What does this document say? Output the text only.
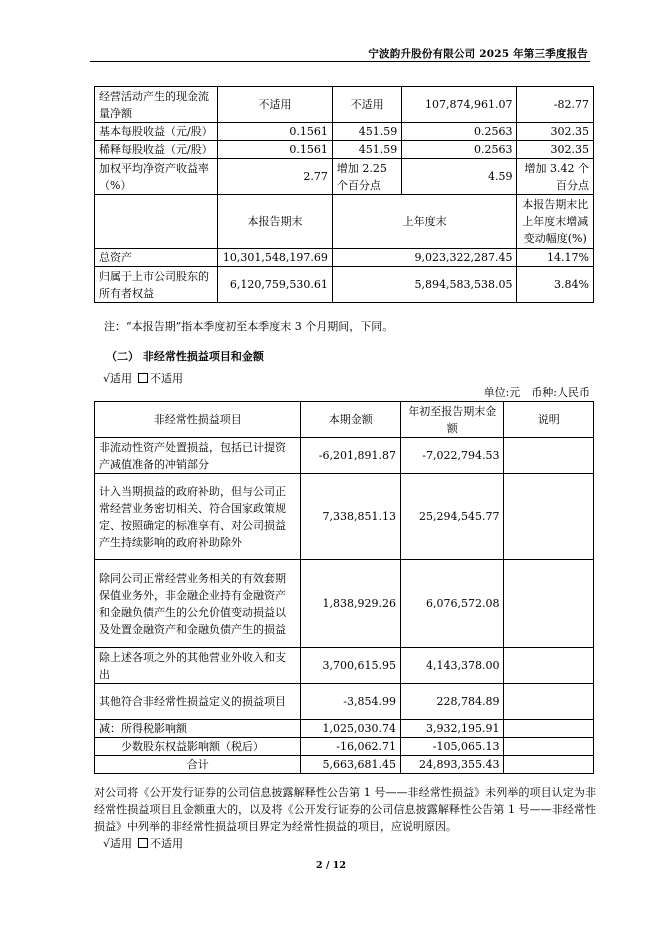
宁波韵升股份有限公司 2025 年第三季度报告
经营活动产生的现金流量净额	不适用	不适用	107,874,961.07	-82.77
基本每股收益（元/股）	0.1561	451.59	0.2563	302.35
稀释每股收益（元/股）	0.1561	451.59	0.2563	302.35
加权平均净资产收益率（%）	2.77	增加 2.25 个百分点	4.59	增加 3.42 个百分点
	本报告期末	上年度末		本报告期末比上年度末增减变动幅度(%)
总资产	10,301,548,197.69	9,023,322,287.45		14.17%
归属于上市公司股东的所有者权益	6,120,759,530.61	5,894,583,538.05		3.84%
注：“本报告期”指本季度初至本季度末 3 个月期间，下同。
（二） 非经常性损益项目和金额
√适用 不适用
单位:元　币种:人民币
非经常性损益项目	本期金额	年初至报告期末金额	说明
非流动性资产处置损益，包括已计提资产减值准备的冲销部分	-6,201,891.87	-7,022,794.53	
计入当期损益的政府补助，但与公司正常经营业务密切相关、符合国家政策规定、按照确定的标准享有、对公司损益产生持续影响的政府补助除外	7,338,851.13	25,294,545.77	
除同公司正常经营业务相关的有效套期保值业务外，非金融企业持有金融资产和金融负债产生的公允价值变动损益以及处置金融资产和金融负债产生的损益	1,838,929.26	6,076,572.08	
除上述各项之外的其他营业外收入和支出	3,700,615.95	4,143,378.00	
其他符合非经常性损益定义的损益项目	-3,854.99	228,784.89	
减：所得税影响额	1,025,030.74	3,932,195.91	
少数股东权益影响额（税后）	-16,062.71	-105,065.13	
合计	5,663,681.45	24,893,355.43	
对公司将《公开发行证券的公司信息披露解释性公告第 1 号——非经常性损益》未列举的项目认定为非经常性损益项目且金额重大的，以及将《公开发行证券的公司信息披露解释性公告第 1 号——非经常性损益》中列举的非经常性损益项目界定为经常性损益的项目，应说明原因。
√适用 不适用
2 / 12
